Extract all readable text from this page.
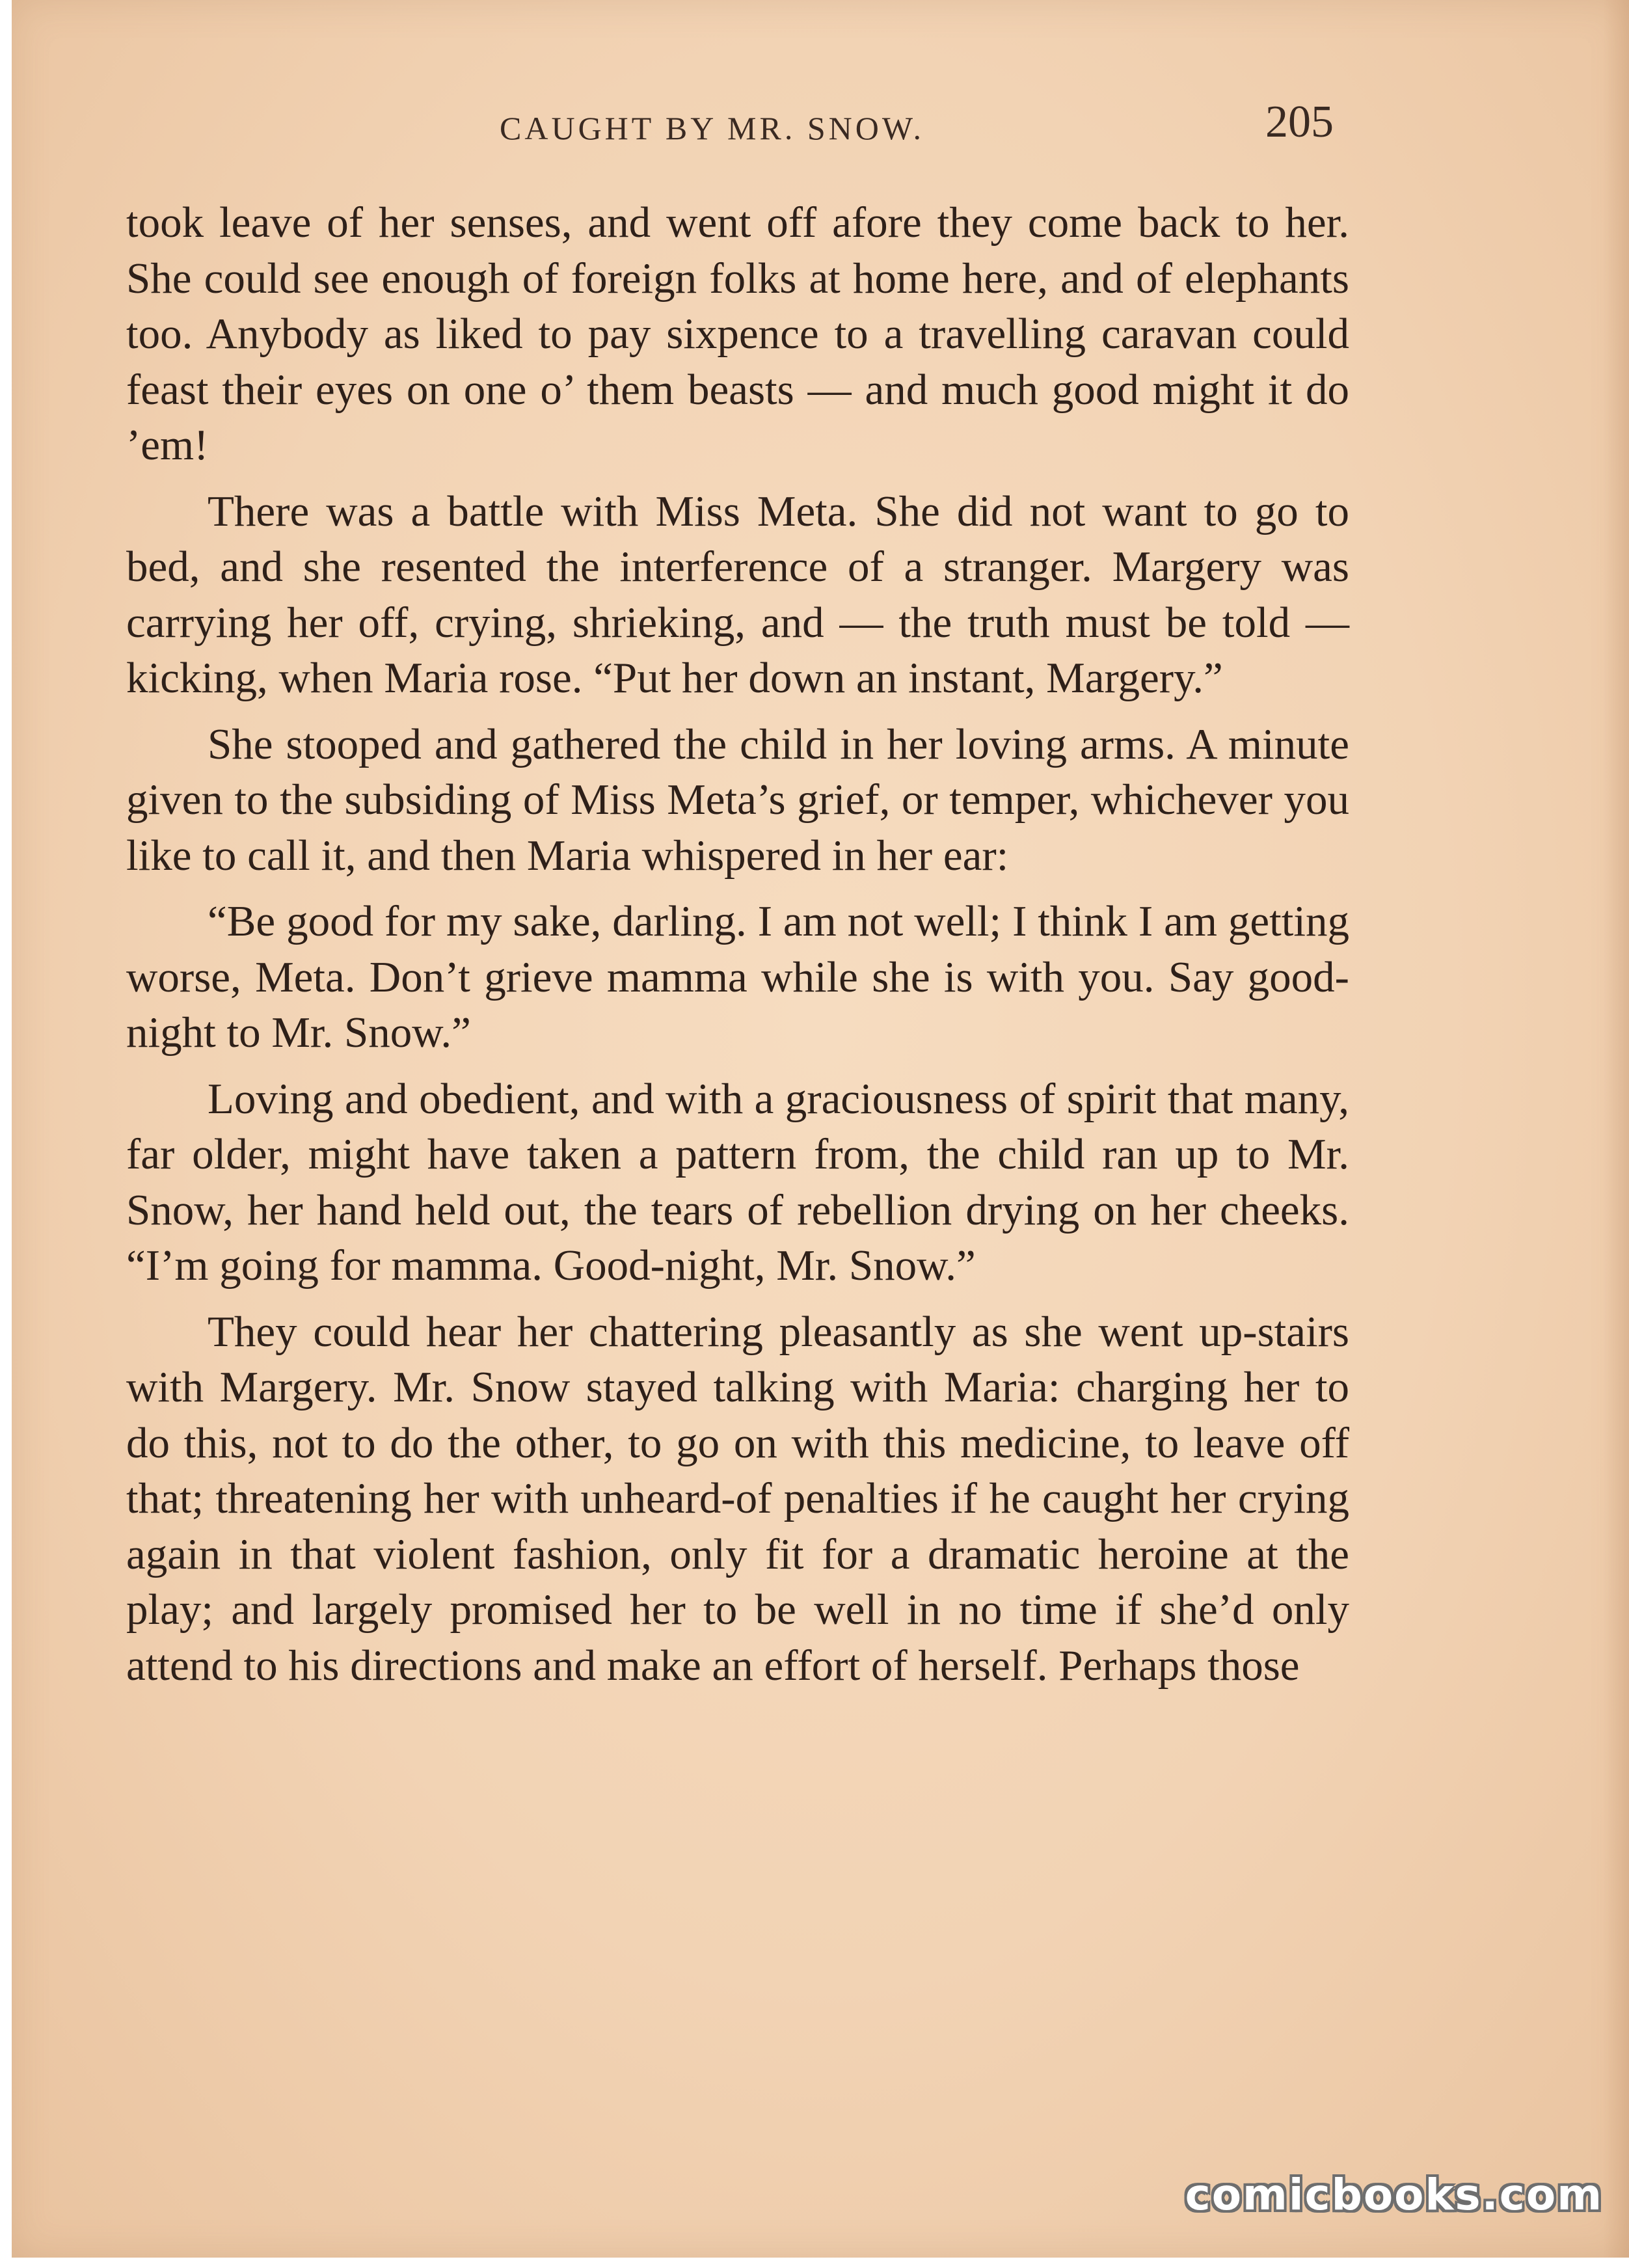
CAUGHT BY MR. SNOW.	205

took leave of her senses, and went off afore they come back to her. She could see enough of foreign folks at home here, and of elephants too. Anybody as liked to pay sixpence to a travelling caravan could feast their eyes on one o’ them beasts — and much good might it do ’em!

There was a battle with Miss Meta. She did not want to go to bed, and she resented the interference of a stranger. Margery was carrying her off, crying, shrieking, and — the truth must be told — kicking, when Maria rose. “Put her down an instant, Margery.”

She stooped and gathered the child in her loving arms. A minute given to the subsiding of Miss Meta’s grief, or temper, whichever you like to call it, and then Maria whispered in her ear:

“Be good for my sake, darling. I am not well; I think I am getting worse, Meta. Don’t grieve mamma while she is with you. Say good-night to Mr. Snow.”

Loving and obedient, and with a graciousness of spirit that many, far older, might have taken a pattern from, the child ran up to Mr. Snow, her hand held out, the tears of rebellion drying on her cheeks. “I’m going for mamma. Good-night, Mr. Snow.”

They could hear her chattering pleasantly as she went up-stairs with Margery. Mr. Snow stayed talking with Maria: charging her to do this, not to do the other, to go on with this medicine, to leave off that; threatening her with unheard-of penalties if he caught her crying again in that violent fashion, only fit for a dramatic heroine at the play; and largely promised her to be well in no time if she’d only attend to his directions and make an effort of herself. Perhaps those

comicbooks.com
